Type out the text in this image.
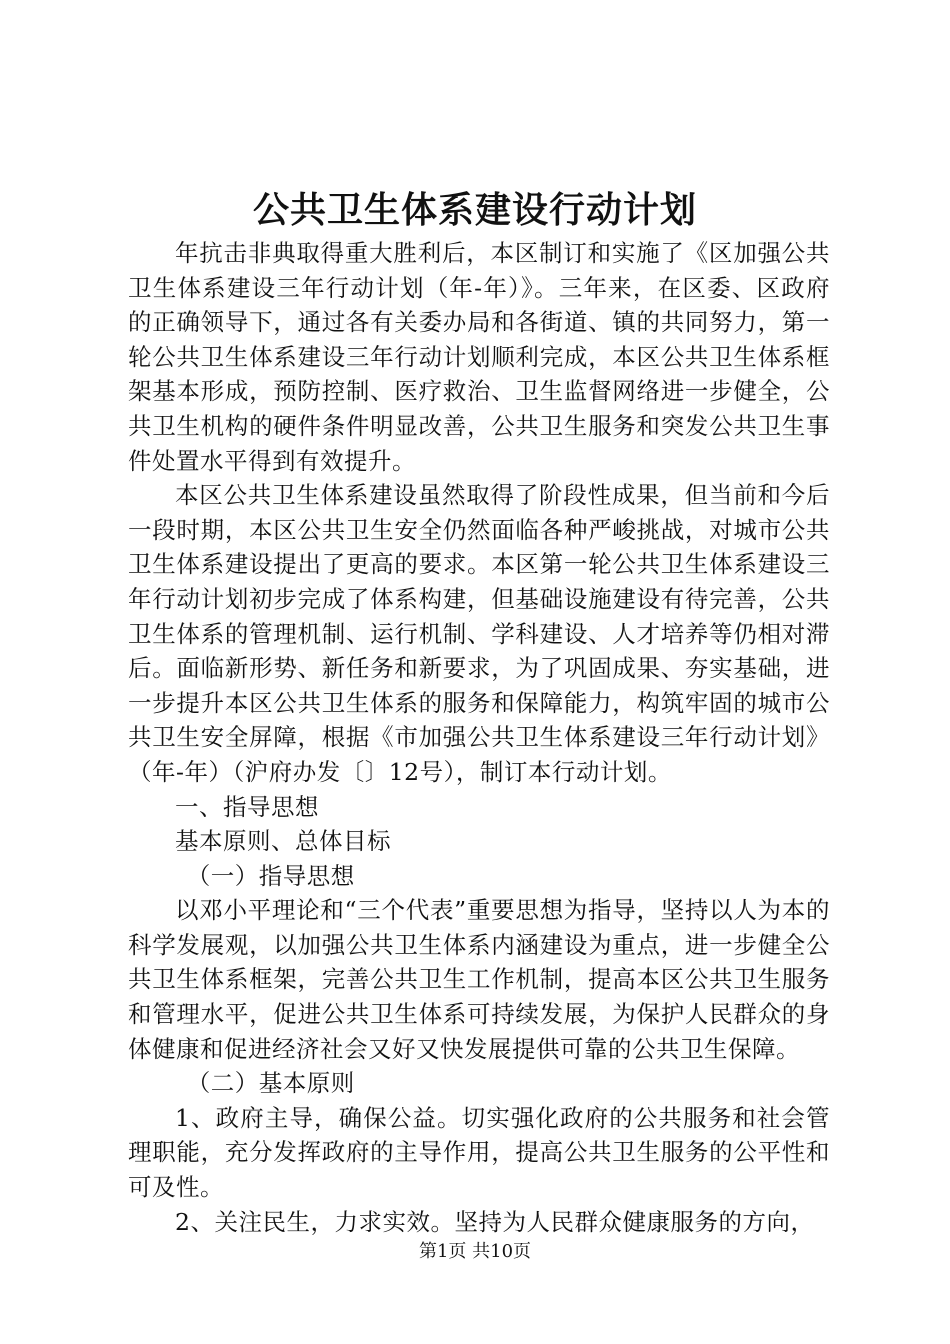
公共卫生体系建设行动计划

年抗击非典取得重大胜利后，本区制订和实施了《区加强公共卫生体系建设三年行动计划（年-年）》。三年来，在区委、区政府的正确领导下，通过各有关委办局和各街道、镇的共同努力，第一轮公共卫生体系建设三年行动计划顺利完成，本区公共卫生体系框架基本形成，预防控制、医疗救治、卫生监督网络进一步健全，公共卫生机构的硬件条件明显改善，公共卫生服务和突发公共卫生事件处置水平得到有效提升。

本区公共卫生体系建设虽然取得了阶段性成果，但当前和今后一段时期，本区公共卫生安全仍然面临各种严峻挑战，对城市公共卫生体系建设提出了更高的要求。本区第一轮公共卫生体系建设三年行动计划初步完成了体系构建，但基础设施建设有待完善，公共卫生体系的管理机制、运行机制、学科建设、人才培养等仍相对滞后。面临新形势、新任务和新要求，为了巩固成果、夯实基础，进一步提升本区公共卫生体系的服务和保障能力，构筑牢固的城市公共卫生安全屏障，根据《市加强公共卫生体系建设三年行动计划》（年-年）（沪府办发〔〕12号），制订本行动计划。

一、指导思想

基本原则、总体目标

（一）指导思想

以邓小平理论和“三个代表”重要思想为指导，坚持以人为本的科学发展观，以加强公共卫生体系内涵建设为重点，进一步健全公共卫生体系框架，完善公共卫生工作机制，提高本区公共卫生服务和管理水平，促进公共卫生体系可持续发展，为保护人民群众的身体健康和促进经济社会又好又快发展提供可靠的公共卫生保障。

（二）基本原则

1、政府主导，确保公益。切实强化政府的公共服务和社会管理职能，充分发挥政府的主导作用，提高公共卫生服务的公平性和可及性。

2、关注民生，力求实效。坚持为人民群众健康服务的方向，

第1页 共10页
